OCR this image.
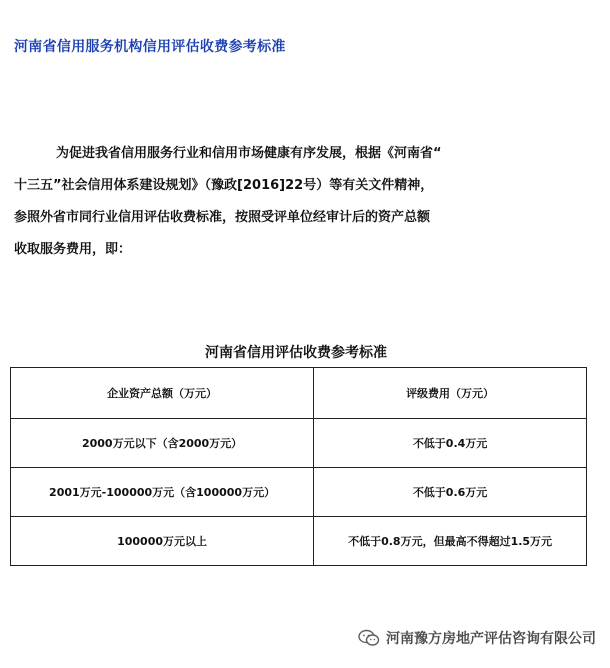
河南省信用服务机构信用评估收费参考标准
为促进我省信用服务行业和信用市场健康有序发展，根据《河南省“
十三五”社会信用体系建设规划》（豫政[2016]22号）等有关文件精神，
参照外省市同行业信用评估收费标准，按照受评单位经审计后的资产总额
收取服务费用，即：
河南省信用评估收费参考标准
企业资产总额（万元）	评级费用（万元）
2000万元以下（含2000万元）	不低于0.4万元
2001万元-100000万元（含100000万元）	不低于0.6万元
100000万元以上	不低于0.8万元，但最高不得超过1.5万元
河南豫方房地产评估咨询有限公司
